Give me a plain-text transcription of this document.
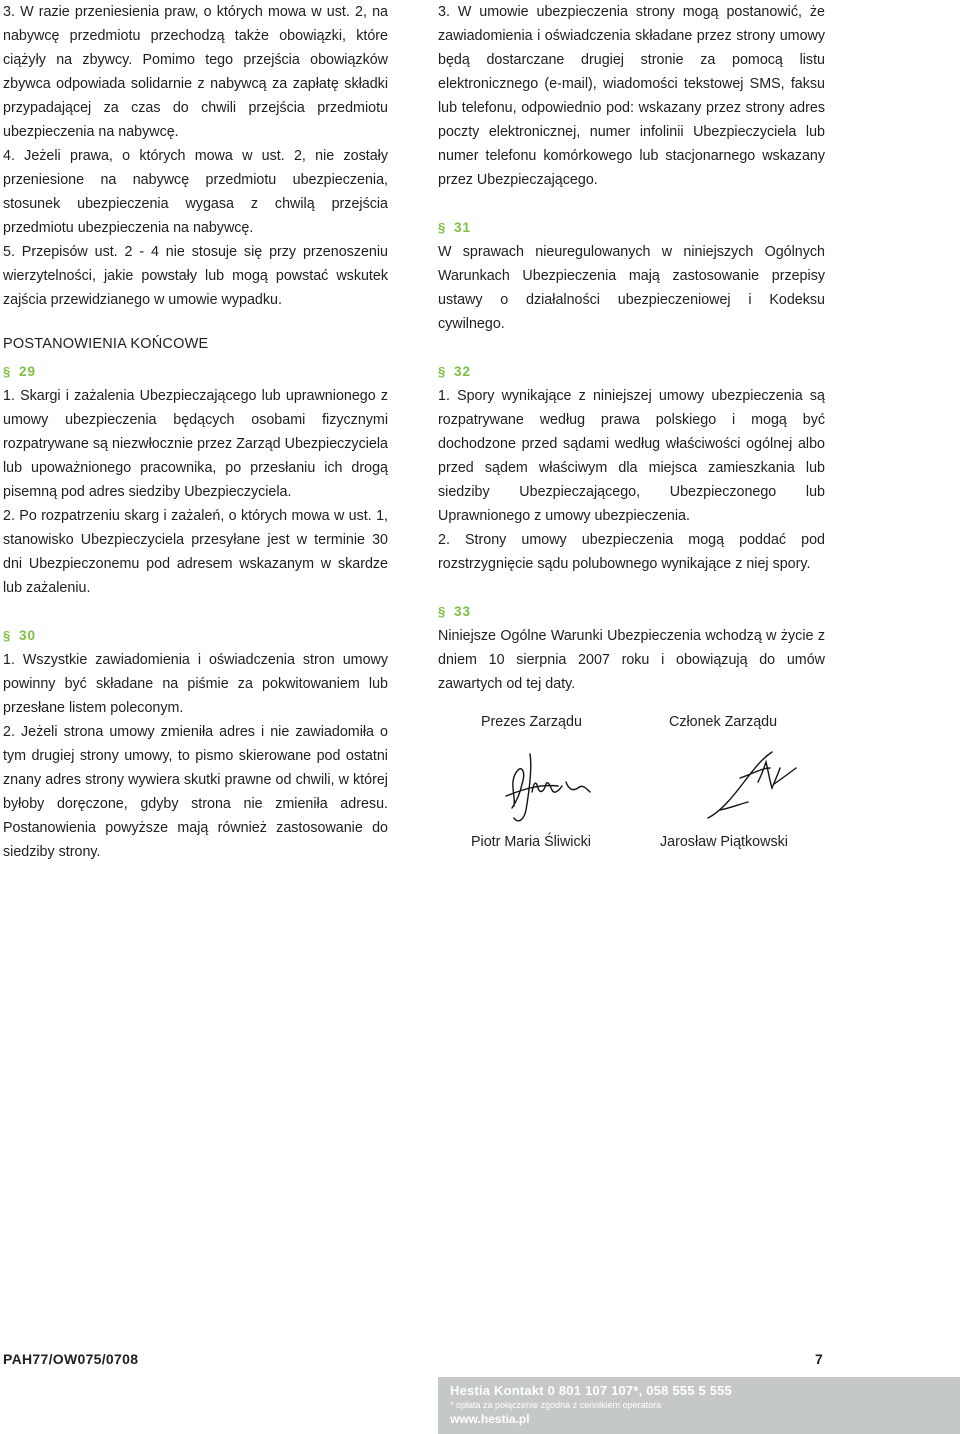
3. W razie przeniesienia praw, o których mowa w ust. 2, na nabywcę przedmiotu przechodzą także obowiązki, które ciążyły na zbywcy. Pomimo tego przejścia obowiązków zbywca odpowiada solidarnie z nabywcą za zapłatę składki przypadającej za czas do chwili przejścia przedmiotu ubezpieczenia na nabywcę.

4. Jeżeli prawa, o których mowa w ust. 2, nie zostały przeniesione na nabywcę przedmiotu ubezpieczenia, stosunek ubezpieczenia wygasa z chwilą przejścia przedmiotu ubezpieczenia na nabywcę.

5. Przepisów ust. 2 - 4 nie stosuje się przy przenoszeniu wierzytelności, jakie powstały lub mogą powstać wskutek zajścia przewidzianego w umowie wypadku.

POSTANOWIENIA KOŃCOWE

§ 29

1. Skargi i zażalenia Ubezpieczającego lub uprawnionego z umowy ubezpieczenia będących osobami fizycznymi rozpatrywane są niezwłocznie przez Zarząd Ubezpieczyciela lub upoważnionego pracownika, po przesłaniu ich drogą pisemną pod adres siedziby Ubezpieczyciela.

2. Po rozpatrzeniu skarg i zażaleń, o których mowa w ust. 1, stanowisko Ubezpieczyciela przesyłane jest w terminie 30 dni Ubezpieczonemu pod adresem wskazanym w skardze lub zażaleniu.

§ 30

1. Wszystkie zawiadomienia i oświadczenia stron umowy powinny być składane na piśmie za pokwitowaniem lub przesłane listem poleconym.

2. Jeżeli strona umowy zmieniła adres i nie zawiadomiła o tym drugiej strony umowy, to pismo skierowane pod ostatni znany adres strony wywiera skutki prawne od chwili, w której byłoby doręczone, gdyby strona nie zmieniła adresu. Postanowienia powyższe mają również zastosowanie do siedziby strony.

3. W umowie ubezpieczenia strony mogą postanowić, że zawiadomienia i oświadczenia składane przez strony umowy będą dostarczane drugiej stronie za pomocą listu elektronicznego (e-mail), wiadomości tekstowej SMS, faksu lub telefonu, odpowiednio pod: wskazany przez strony adres poczty elektronicznej, numer infolinii Ubezpieczyciela lub numer telefonu komórkowego lub stacjonarnego wskazany przez Ubezpieczającego.

§ 31

W sprawach nieuregulowanych w niniejszych Ogólnych Warunkach Ubezpieczenia mają zastosowanie przepisy ustawy o działalności ubezpieczeniowej i Kodeksu cywilnego.

§ 32

1. Spory wynikające z niniejszej umowy ubezpieczenia są rozpatrywane według prawa polskiego i mogą być dochodzone przed sądami według właściwości ogólnej albo przed sądem właściwym dla miejsca zamieszkania lub siedziby Ubezpieczającego, Ubezpieczonego lub Uprawnionego z umowy ubezpieczenia.

2. Strony umowy ubezpieczenia mogą poddać pod rozstrzygnięcie sądu polubownego wynikające z niej spory.

§ 33

Niniejsze Ogólne Warunki Ubezpieczenia wchodzą w życie z dniem 10 sierpnia 2007 roku i obowiązują do umów zawartych od tej daty.

Prezes Zarządu	Członek Zarządu
Piotr Maria Śliwicki	Jarosław Piątkowski
PAH77/OW075/0708	7
Hestia Kontakt 0 801 107 107*, 058 555 5 555
* opłata za połączenie zgodna z cennikiem operatora
www.hestia.pl
